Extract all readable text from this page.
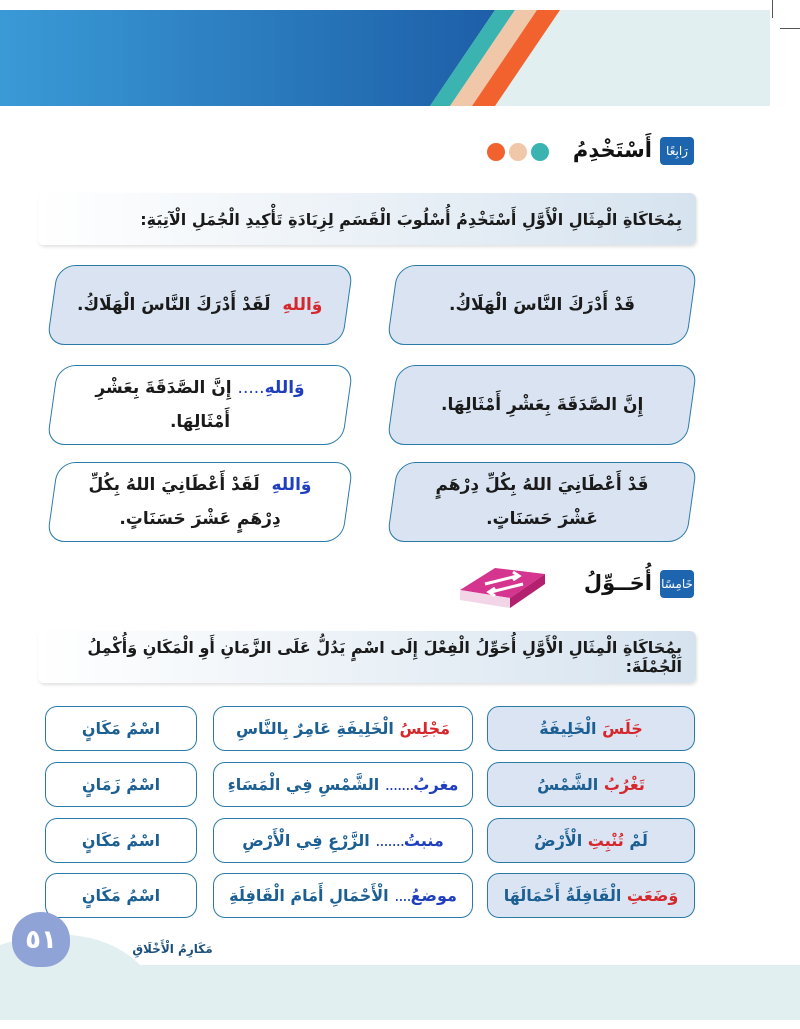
رَابِعًا
أَسْتَخْدِمُ
بِمُحَاكَاةِ الْمِثَالِ الْأَوَّلِ أَسْتَخْدِمُ أُسْلُوبَ الْقَسَمِ لِزِيَادَةِ تَأْكِيدِ الْجُمَلِ الْآتِيَةِ:
قَدْ أَدْرَكَ النَّاسَ الْهَلَاكُ.
وَاللهِ  لَقَدْ أَدْرَكَ النَّاسَ الْهَلَاكُ.
إِنَّ الصَّدَقَةَ بِعَشْرِ أَمْثَالِهَا.
وَاللهِ..... إِنَّ الصَّدَقَةَ بِعَشْرِ أَمْثَالِهَا.
قَدْ أَعْطَانِيَ اللهُ بِكُلِّ دِرْهَمٍ عَشْرَ حَسَنَاتٍ.
وَاللهِ  لَقَدْ أَعْطَانِيَ اللهُ بِكُلِّ دِرْهَمٍ عَشْرَ حَسَنَاتٍ.
خَامِسًا
أُحَــوِّلُ
بِمُحَاكَاةِ الْمِثَالِ الْأَوَّلِ أُحَوِّلُ الْفِعْلَ إِلَى اسْمٍ يَدُلُّ عَلَى الزَّمَانِ أَوِ الْمَكَانِ وَأُكْمِلُ الْجُمْلَةَ:
جَلَسَ

الْخَلِيفَةُ
مَجْلِسُ

الْخَلِيفَةِ عَامِرٌ بِالنَّاسِ
اسْمُ مَكَانٍ
تَغْرُبُ

الشَّمْسُ
مغربُ
.......

الشَّمْسِ فِي الْمَسَاءِ
اسْمُ زَمَانٍ
لَمْ

تُنْبِتِ

الْأَرْضُ
منبتُ
.......

الزَّرْعِ فِي الْأَرْضِ
اسْمُ مَكَانٍ
وَضَعَتِ

الْقَافِلَةُ أَحْمَالَهَا
موضعُ
....

الْأَحْمَالِ أَمَامَ الْقَافِلَةِ
اسْمُ مَكَانٍ
٥١	مَكَارِمُ الْأَخْلَاقِ
